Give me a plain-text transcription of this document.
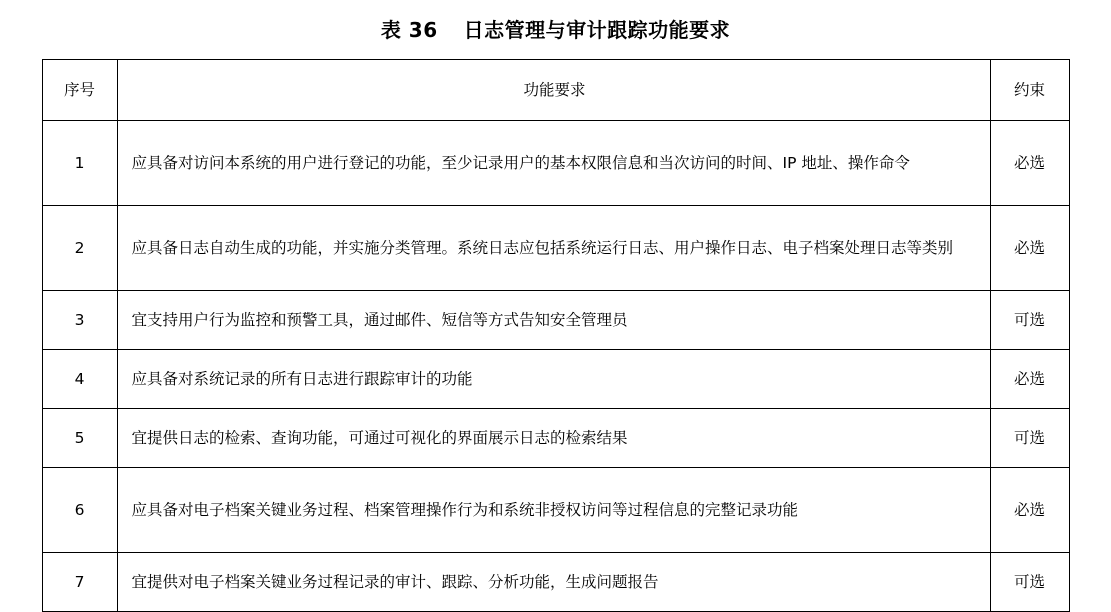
表 36 日志管理与审计跟踪功能要求
序号	功能要求	约束
1	应具备对访问本系统的用户进行登记的功能，至少记录用户的基本权限信息和当次访问的时间、IP 地址、操作命令	必选
2	应具备日志自动生成的功能，并实施分类管理。系统日志应包括系统运行日志、用户操作日志、电子档案处理日志等类别	必选
3	宜支持用户行为监控和预警工具，通过邮件、短信等方式告知安全管理员	可选
4	应具备对系统记录的所有日志进行跟踪审计的功能	必选
5	宜提供日志的检索、查询功能，可通过可视化的界面展示日志的检索结果	可选
6	应具备对电子档案关键业务过程、档案管理操作行为和系统非授权访问等过程信息的完整记录功能	必选
7	宜提供对电子档案关键业务过程记录的审计、跟踪、分析功能，生成问题报告	可选
